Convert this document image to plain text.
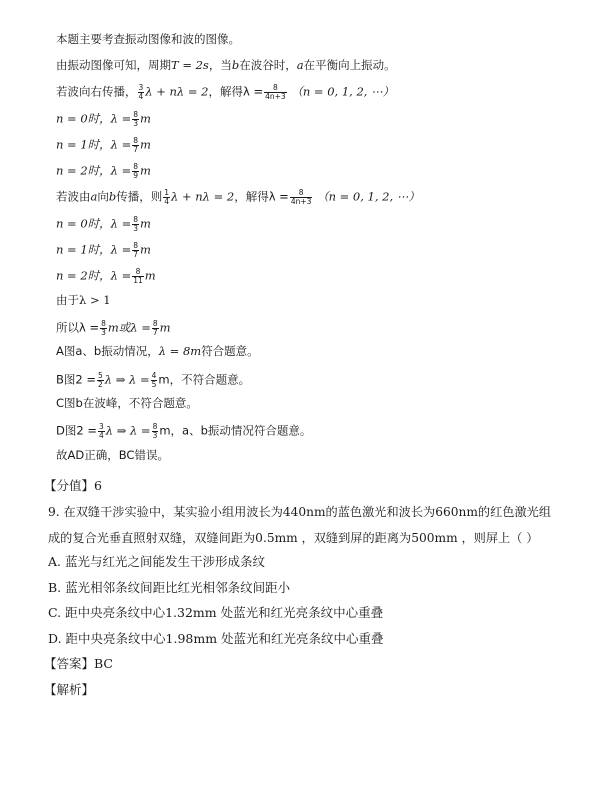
本题主要考查振动图像和波的图像。
由振动图像可知，周期T = 2s，当b在波谷时，a在平衡向上振动。
若波向右传播， $\frac{3}{4}$ λ + nλ = 2，解得$\lambda = \frac{8}{4n+3} (n = 0$, 1, 2, ⋯）
n = 0时，$\lambda = \frac{8}{3}$ m
n = 1时，$\lambda = \frac{8}{7}$ m
n = 2时，$\lambda = \frac{8}{9}$ m
若波由a向b传播，则 $\frac{1}{4}$ λ + nλ = 2，解得$\lambda = \frac{8}{4n+3} (n = 0$, 1, 2, ⋯）
n = 0时，$\lambda = \frac{8}{3}$ m
n = 1时，$\lambda = \frac{8}{7}$ m
n = 2时，$\lambda = \frac{8}{11}$ m
由于λ > 1
所以$\lambda = \frac{8}{3}$ m或$\lambda = \frac{8}{7}$ m
A图a、b振动情况，λ = 8m符合题意。
B图$2 = \frac{5}{2}$ λ ⇒ $\lambda = \frac{4}{5}$ m，不符合题意。
C图b在波峰，不符合题意。
D图$2 = \frac{3}{4}$ λ ⇒ $\lambda = \frac{8}{3}$ m，a、b振动情况符合题意。
故AD正确，BC错误。
【分值】6
9. 在双缝干涉实验中，某实验小组用波长为440nm的蓝色激光和波长为660nm的红色激光组
成的复合光垂直照射双缝，双缝间距为0.5mm ，双缝到屏的距离为500mm ，则屏上（ ）
A. 蓝光与红光之间能发生干涉形成条纹
B. 蓝光相邻条纹间距比红光相邻条纹间距小
C. 距中央亮条纹中心1.32mm 处蓝光和红光亮条纹中心重叠
D. 距中央亮条纹中心1.98mm 处蓝光和红光亮条纹中心重叠
【答案】BC
【解析】
